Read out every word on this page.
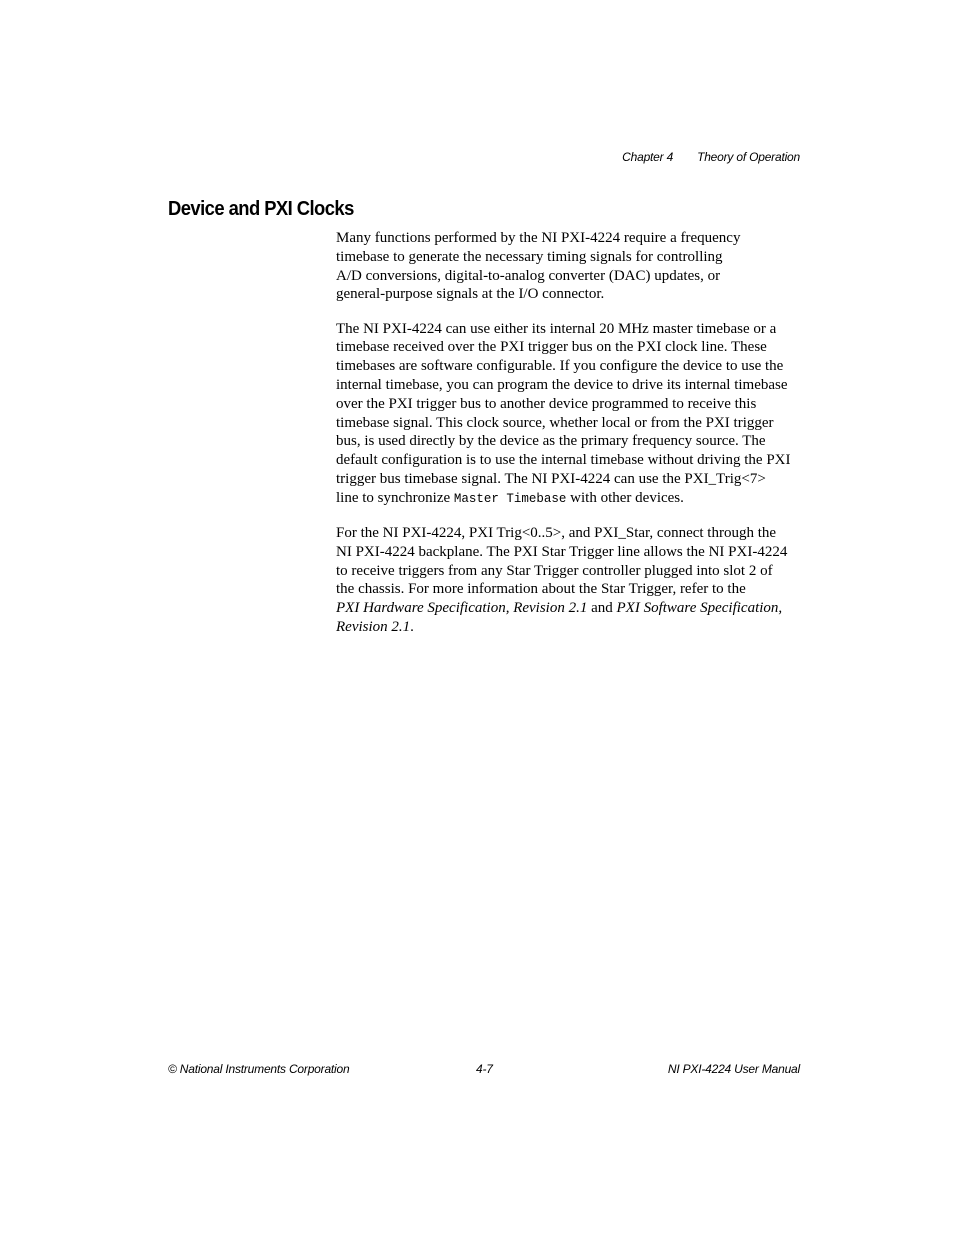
Chapter 4 Theory of Operation
Device and PXI Clocks

Many functions performed by the NI PXI-4224 require a frequency
timebase to generate the necessary timing signals for controlling
A/D conversions, digital-to-analog converter (DAC) updates, or
general-purpose signals at the I/O connector.

The NI PXI-4224 can use either its internal 20 MHz master timebase or a
timebase received over the PXI trigger bus on the PXI clock line. These
timebases are software configurable. If you configure the device to use the
internal timebase, you can program the device to drive its internal timebase
over the PXI trigger bus to another device programmed to receive this
timebase signal. This clock source, whether local or from the PXI trigger
bus, is used directly by the device as the primary frequency source. The
default configuration is to use the internal timebase without driving the PXI
trigger bus timebase signal. The NI PXI-4224 can use the PXI_Trig<7>
line to synchronize Master Timebase with other devices.

For the NI PXI-4224, PXI Trig<0..5>, and PXI_Star, connect through the
NI PXI-4224 backplane. The PXI Star Trigger line allows the NI PXI-4224
to receive triggers from any Star Trigger controller plugged into slot 2 of
the chassis. For more information about the Star Trigger, refer to the
PXI Hardware Specification, Revision 2.1 and PXI Software Specification,
Revision 2.1.

© National Instruments Corporation	4-7	NI PXI-4224 User Manual
